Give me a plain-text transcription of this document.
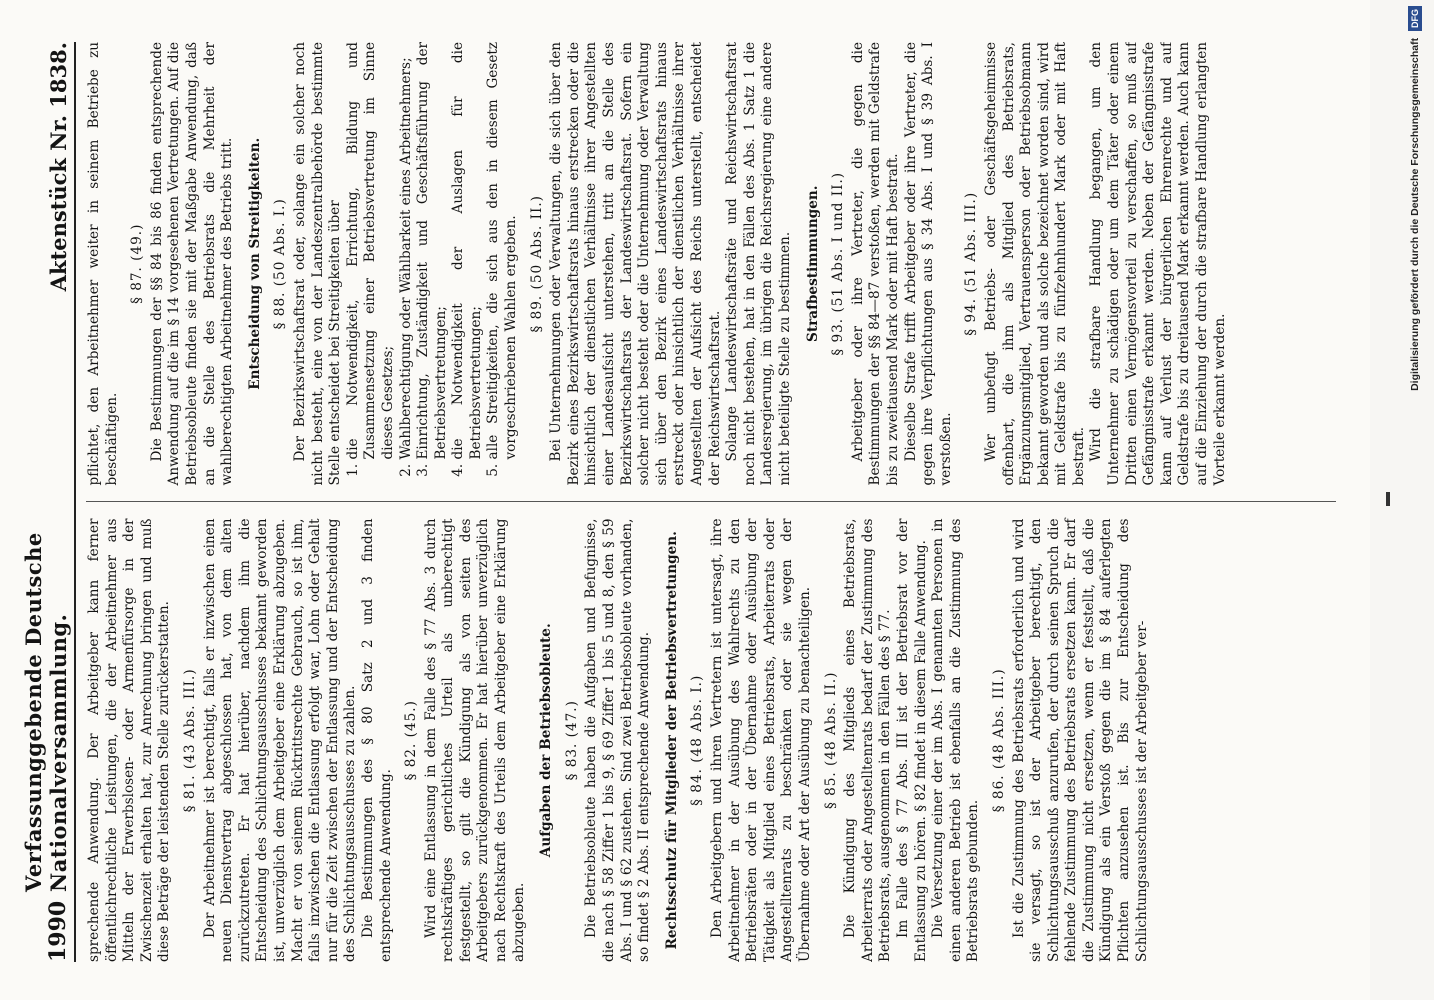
1990
Verfassunggebende Deutsche Nationalversammlung.
Aktenstück Nr. 1838.

sprechende Anwendung. Der Arbeitgeber kann ferner öffentlichrechtliche Leistungen, die der Arbeitnehmer aus Mitteln der Erwerbslosen- oder Armenfürsorge in der Zwischenzeit erhalten hat, zur Anrechnung bringen und muß diese Beträge der leistenden Stelle zurückerstatten. § 81. (43 Abs. III.) Der Arbeitnehmer ist berechtigt, falls er inzwischen einen neuen Dienstvertrag abgeschlossen hat, von dem alten zurückzutreten. Er hat hierüber, nachdem ihm die Entscheidung des Schlichtungsausschusses bekannt geworden ist, unverzüglich dem Arbeitgeber eine Erklärung abzugeben. Macht er von seinem Rücktrittsrechte Gebrauch, so ist ihm, falls inzwischen die Entlassung erfolgt war, Lohn oder Gehalt nur für die Zeit zwischen der Entlassung und der Entscheidung des Schlichtungsausschusses zu zahlen. Die Bestimmungen des § 80 Satz 2 und 3 finden entsprechende Anwendung.

§ 82. (45.) Wird eine Entlassung in dem Falle des § 77 Abs. 3 durch rechtskräftiges gerichtliches Urteil als unberechtigt festgestellt, so gilt die Kündigung als von seiten des Arbeitgebers zurückgenommen. Er hat hierüber unverzüglich nach Rechtskraft des Urteils dem Arbeitgeber eine Erklärung abzugeben.

Aufgaben der Betriebsobleute. § 83. (47.) Die Betriebsobleute haben die Aufgaben und Befugnisse, die nach § 58 Ziffer 1 bis 9, § 69 Ziffer 1 bis 5 und 8, den § 59 Abs. I und § 62 zustehen. Sind zwei Betriebsobleute vorhanden, so findet § 2 Abs. II entsprechende Anwendung. Rechtsschutz für Mitglieder der Betriebsvertretungen. § 84. (48 Abs. I.) Den Arbeitgebern und ihren Vertretern ist untersagt, ihre Arbeitnehmer in der Ausübung des Wahlrechts zu den Betriebsräten oder in der Übernahme oder Ausübung der Tätigkeit als Mitglied eines Betriebsrats, Arbeiterrats oder Angestelltenrats zu beschränken oder sie wegen der Übernahme oder Art der Ausübung zu benachteiligen. § 85. (48 Abs. II.) Die Kündigung des Mitglieds eines Betriebsrats, Arbeiterrats oder Angestelltenrats bedarf der Zustimmung des Betriebsrats, ausgenommen in den Fällen des § 77. Im Falle des § 77 Abs. III ist der Betriebsrat vor der Entlassung zu hören. § 82 findet in diesem Falle Anwendung. Die Versetzung einer der im Abs. I genannten Personen in einen anderen Betrieb ist ebenfalls an die Zustimmung des Betriebsrats gebunden.

§ 86. (48 Abs. III.) Ist die Zustimmung des Betriebsrats erforderlich und wird sie versagt, so ist der Arbeitgeber berechtigt, den Schlichtungsausschuß anzurufen, der durch seinen Spruch die fehlende Zustimmung des Betriebsrats ersetzen kann. Er darf die Zustimmung nicht ersetzen, wenn er feststellt, daß die Kündigung als ein Verstoß gegen die im § 84 auferlegten Pflichten anzusehen ist. Bis zur Entscheidung des Schlichtungsausschusses ist der Arbeitgeber ver-

pflichtet, den Arbeitnehmer weiter in seinem Betriebe zu beschäftigen.

§ 87. (49.) Die Bestimmungen der §§ 84 bis 86 finden entsprechende Anwendung auf die im § 14 vorgesehenen Vertretungen. Auf die Betriebsobleute finden sie mit der Maßgabe Anwendung, daß an die Stelle des Betriebsrats die Mehrheit der wahlberechtigten Arbeitnehmer des Betriebs tritt. Entscheidung von Streitigkeiten. § 88. (50 Abs. I.) Der Bezirkswirtschaftsrat oder, solange ein solcher noch nicht besteht, eine von der Landeszentralbehörde bestimmte Stelle entscheidet bei Streitigkeiten über 1. die Notwendigkeit, Errichtung, Bildung und Zusammensetzung einer Betriebsvertretung im Sinne dieses Gesetzes; 2. Wahlberechtigung oder Wählbarkeit eines Arbeitnehmers; 3. Einrichtung, Zuständigkeit und Geschäftsführung der Betriebsvertretungen; 4. die Notwendigkeit der Auslagen für die Betriebsvertretungen; 5. alle Streitigkeiten, die sich aus den in diesem Gesetz vorgeschriebenen Wahlen ergeben. § 89. (50 Abs. II.) Bei Unternehmungen oder Verwaltungen, die sich über den Bezirk eines Bezirkswirtschaftsrats hinaus erstrecken oder die hinsichtlich der dienstlichen Verhältnisse ihrer Angestellten einer Landesaufsicht unterstehen, tritt an die Stelle des Bezirkswirtschaftsrats der Landeswirtschaftsrat. Sofern ein solcher nicht besteht oder die Unternehmung oder Verwaltung sich über den Bezirk eines Landeswirtschaftsrats hinaus erstreckt oder hinsichtlich der dienstlichen Verhältnisse ihrer Angestellten der Aufsicht des Reichs unterstellt, entscheidet der Reichswirtschaftsrat. Solange Landeswirtschaftsräte und Reichswirtschaftsrat noch nicht bestehen, hat in den Fällen des Abs. 1 Satz 1 die Landesregierung, im übrigen die Reichsregierung eine andere nicht beteiligte Stelle zu bestimmen. Strafbestimmungen. § 93. (51 Abs. I und II.) Arbeitgeber oder ihre Vertreter, die gegen die Bestimmungen der §§ 84—87 verstoßen, werden mit Geldstrafe bis zu zweitausend Mark oder mit Haft bestraft. Dieselbe Strafe trifft Arbeitgeber oder ihre Vertreter, die gegen ihre Verpflichtungen aus § 34 Abs. I und § 39 Abs. I verstoßen.

§ 94. (51 Abs. III.) Wer unbefugt Betriebs- oder Geschäftsgeheimnisse offenbart, die ihm als Mitglied des Betriebsrats, Ergänzungsmitglied, Vertrauensperson oder Betriebsobmann bekannt geworden und als solche bezeichnet worden sind, wird mit Geldstrafe bis zu fünfzehnhundert Mark oder mit Haft bestraft. Wird die strafbare Handlung begangen, um den Unternehmer zu schädigen oder um dem Täter oder einem Dritten einen Vermögensvorteil zu verschaffen, so muß auf Gefängnisstrafe erkannt werden. Neben der Gefängnisstrafe kann auf Verlust der bürgerlichen Ehrenrechte und auf Geldstrafe bis zu dreitausend Mark erkannt werden. Auch kann auf die Einziehung der durch die strafbare Handlung erlangten Vorteile erkannt werden.

Digitalisierung gefördert durch die Deutsche Forschungsgemeinschaft DFG
